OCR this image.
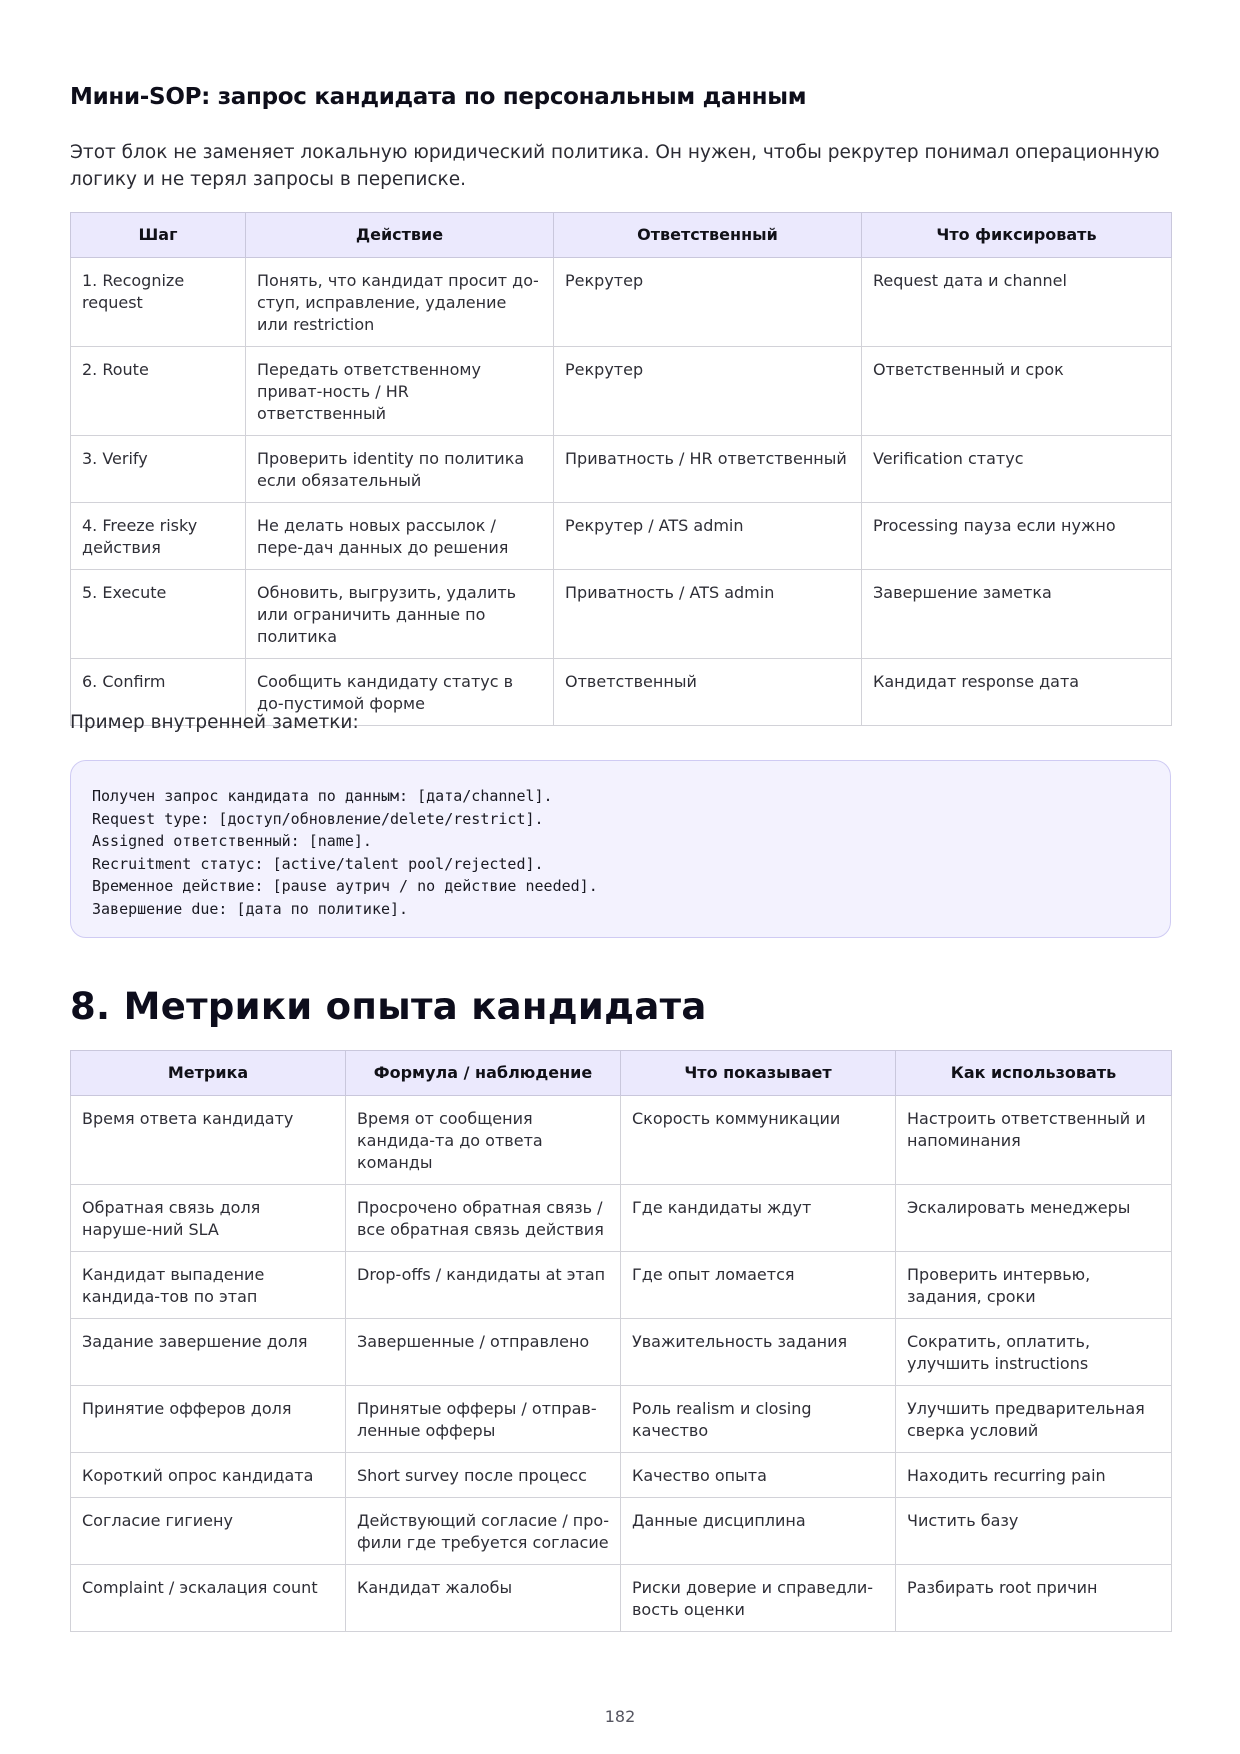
Мини-SOP: запрос кандидата по персональным данным

Этот блок не заменяет локальную юридический политика. Он нужен, чтобы рекрутер понимал операционную логику и не терял запросы в переписке.

Шаг	Действие	Ответственный	Что фиксировать
1. Recognize request	Понять, что кандидат просит до-ступ, исправление, удаление или restriction	Рекрутер	Request дата и channel
2. Route	Передать ответственному приват-ность / HR ответственный	Рекрутер	Ответственный и срок
3. Verify	Проверить identity по политика если обязательный	Приватность / HR ответственный	Verification статус
4. Freeze risky действия	Не делать новых рассылок / пере-дач данных до решения	Рекрутер / ATS admin	Processing пауза если нужно
5. Execute	Обновить, выгрузить, удалить или ограничить данные по политика	Приватность / ATS admin	Завершение заметка
6. Confirm	Сообщить кандидату статус в до-пустимой форме	Ответственный	Кандидат response дата

Пример внутренней заметки:

Получен запрос кандидата по данным: [дата/channel].
Request type: [доступ/обновление/delete/restrict].
Assigned ответственный: [name].
Recruitment статус: [active/talent pool/rejected].
Временное действие: [pause аутрич / no действие needed].
Завершение due: [дата по политике].
8. Метрики опыта кандидата
Метрика	Формула / наблюдение	Что показывает	Как использовать
Время ответа кандидату	Время от сообщения кандида-та до ответа команды	Скорость коммуникации	Настроить ответственный и напоминания
Обратная связь доля наруше-ний SLA	Просрочено обратная связь / все обратная связь действия	Где кандидаты ждут	Эскалировать менеджеры
Кандидат выпадение кандида-тов по этап	Drop-offs / кандидаты at этап	Где опыт ломается	Проверить интервью, задания, сроки
Задание завершение доля	Завершенные / отправлено	Уважительность задания	Сократить, оплатить, улучшить instructions
Принятие офферов доля	Принятые офферы / отправ-ленные офферы	Роль realism и closing качество	Улучшить предварительная сверка условий
Короткий опрос кандидата	Short survey после процесс	Качество опыта	Находить recurring pain
Согласие гигиену	Действующий согласие / про-фили где требуется согласие	Данные дисциплина	Чистить базу
Complaint / эскалация count	Кандидат жалобы	Риски доверие и справедли-вость оценки	Разбирать root причин
182
